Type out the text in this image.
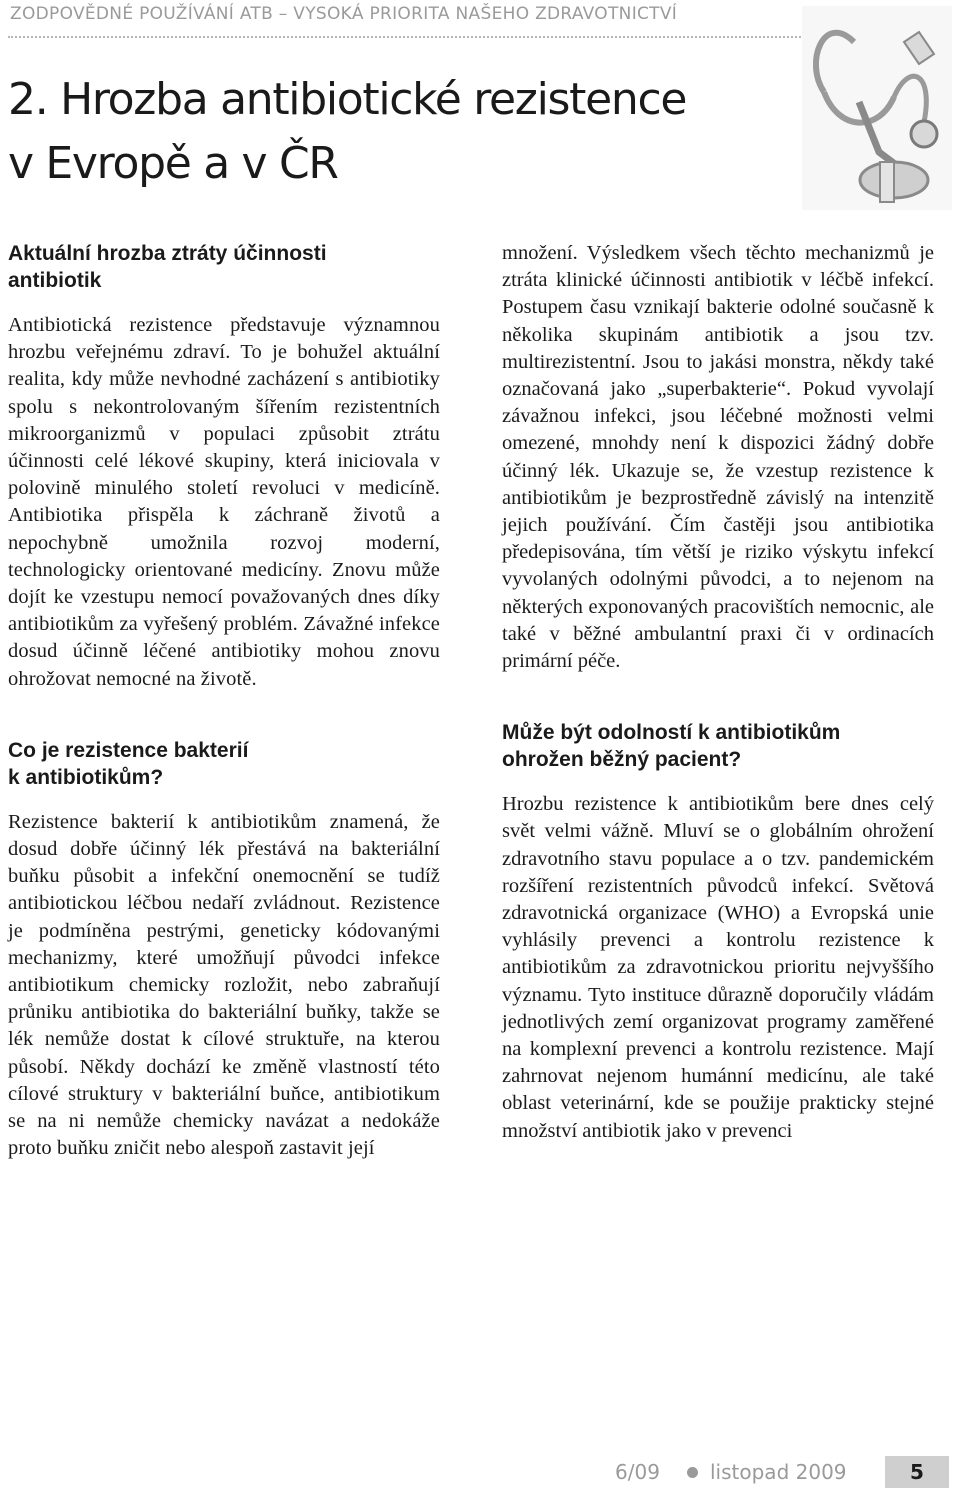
ZODPOVĚDNÉ POUŽÍVÁNÍ ATB – VYSOKÁ PRIORITA NAŠEHO ZDRAVOTNICTVÍ
2. Hrozba antibiotické rezistence
v Evropě a v ČR
Aktuální hrozba ztráty účinnosti
antibiotik

Antibiotická rezistence představuje významnou hrozbu veřejnému zdraví. To je bohužel aktuální realita, kdy může nevhodné zacházení s antibiotiky spolu s nekontrolovaným šířením rezistentních mikroorganizmů v populaci způsobit ztrátu účinnosti celé lékové skupiny, která iniciovala v polovině minulého století revoluci v medicíně. Antibiotika přispěla k záchraně životů a nepochybně umožnila rozvoj moderní, technologicky orientované medicíny. Znovu může dojít ke vzestupu nemocí považovaných dnes díky antibiotikům za vyřešený problém. Závažné infekce dosud účinně léčené antibiotiky mohou znovu ohrožovat nemocné na životě.

Co je rezistence bakterií
k antibiotikům?

Rezistence bakterií k antibiotikům znamená, že dosud dobře účinný lék přestává na bakteriální buňku působit a infekční onemocnění se tudíž antibiotickou léčbou nedaří zvládnout. Rezistence je podmíněna pestrými, geneticky kódovanými mechanizmy, které umožňují původci infekce antibiotikum chemicky rozložit, nebo zabraňují průniku antibiotika do bakteriální buňky, takže se lék nemůže dostat k cílové struktuře, na kterou působí. Někdy dochází ke změně vlastností této cílové struktury v bakteriální buňce, antibiotikum se na ni nemůže chemicky navázat a nedokáže proto buňku zničit nebo alespoň zastavit její

množení. Výsledkem všech těchto mechanizmů je ztráta klinické účinnosti antibiotik v léčbě infekcí. Postupem času vznikají bakterie odolné současně k několika skupinám antibiotik a jsou tzv. multirezistentní. Jsou to jakási monstra, někdy také označovaná jako „superbakterie“. Pokud vyvolají závažnou infekci, jsou léčebné možnosti velmi omezené, mnohdy není k dispozici žádný dobře účinný lék. Ukazuje se, že vzestup rezistence k antibiotikům je bezprostředně závislý na intenzitě jejich používání. Čím častěji jsou antibiotika předepisována, tím větší je riziko výskytu infekcí vyvolaných odolnými původci, a to nejenom na některých exponovaných pracovištích nemocnic, ale také v běžné ambulantní praxi či v ordinacích primární péče.

Může být odolností k antibiotikům
ohrožen běžný pacient?

Hrozbu rezistence k antibiotikům bere dnes celý svět velmi vážně. Mluví se o globálním ohrožení zdravotního stavu populace a o tzv. pandemickém rozšíření rezistentních původců infekcí. Světová zdravotnická organizace (WHO) a Evropská unie vyhlásily prevenci a kontrolu rezistence k antibiotikům za zdravotnickou prioritu nejvyššího významu. Tyto instituce důrazně doporučily vládám jednotlivých zemí organizovat programy zaměřené na komplexní prevenci a kontrolu rezistence. Mají zahrnovat nejenom humánní medicínu, ale také oblast veterinární, kde se použije prakticky stejné množství antibiotik jako v prevenci

6/09	listopad 2009	5
